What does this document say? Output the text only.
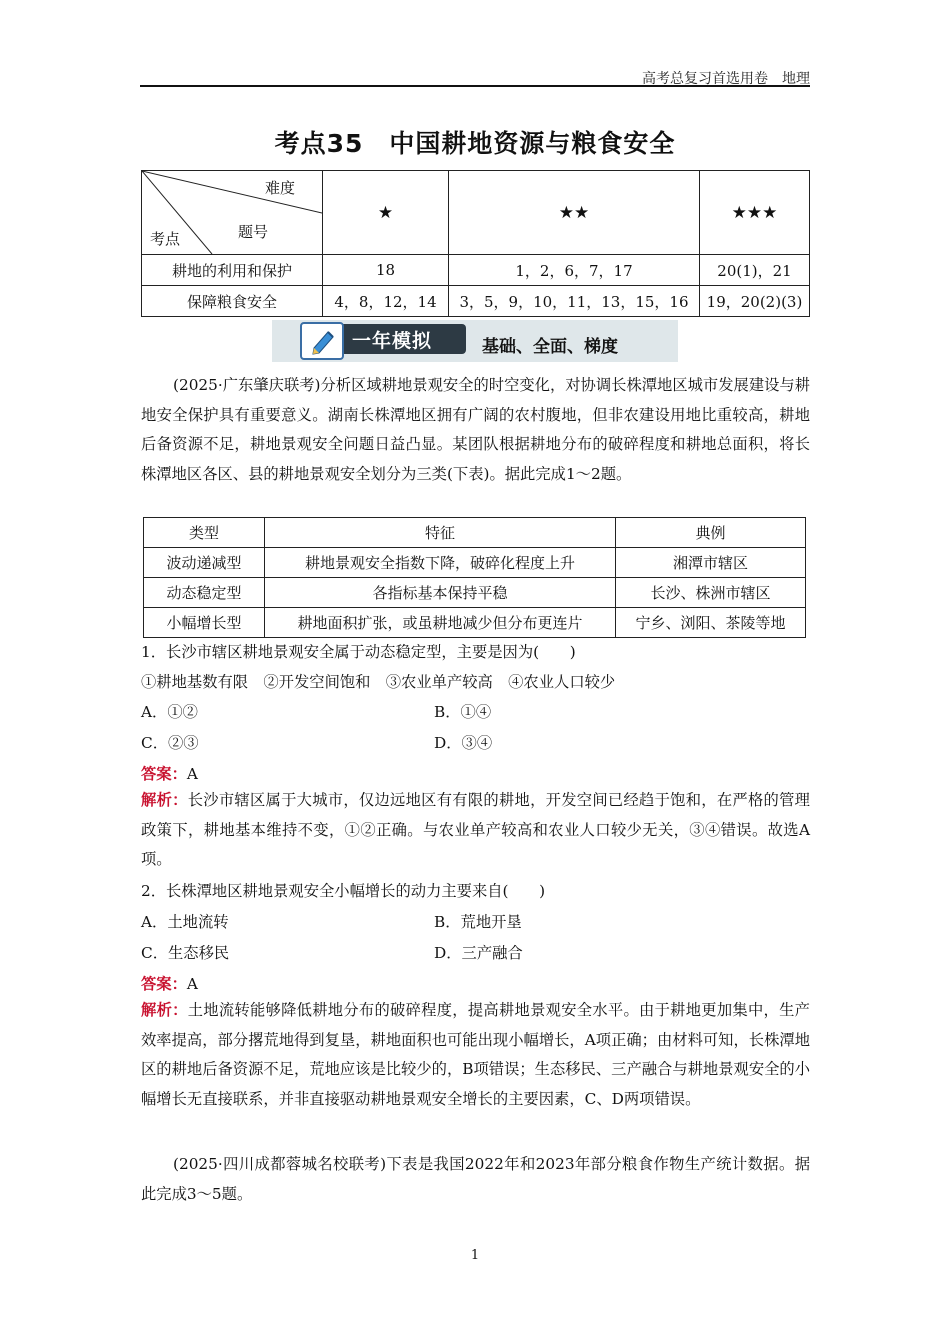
高考总复习首选用卷　地理
考点35　中国耕地资源与粮食安全
难度
题号
考点	★	★★	★★★
耕地的利用和保护	18	1，2，6，7，17	20(1)，21
保障粮食安全	4，8，12，14	3，5，9，10，11，13，15，16	19，20(2)(3)
一年模拟	基础、全面、梯度

(2025·广东肇庆联考)分析区域耕地景观安全的时空变化，对协调长株潭地区城市发展建设与耕地安全保护具有重要意义。湖南长株潭地区拥有广阔的农村腹地，但非农建设用地比重较高，耕地后备资源不足，耕地景观安全问题日益凸显。某团队根据耕地分布的破碎程度和耕地总面积，将长株潭地区各区、县的耕地景观安全划分为三类(下表)。据此完成1～2题。

类型	特征	典例
波动递减型	耕地景观安全指数下降，破碎化程度上升	湘潭市辖区
动态稳定型	各指标基本保持平稳	长沙、株洲市辖区
小幅增长型	耕地面积扩张，或虽耕地减少但分布更连片	宁乡、浏阳、茶陵等地
1．长沙市辖区耕地景观安全属于动态稳定型，主要是因为(　　)
①耕地基数有限　②开发空间饱和　③农业单产较高　④农业人口较少
A．①②	B．①④
C．②③	D．③④
答案：A

解析：长沙市辖区属于大城市，仅边远地区有有限的耕地，开发空间已经趋于饱和，在严格的管理政策下，耕地基本维持不变，①②正确。与农业单产较高和农业人口较少无关，③④错误。故选A项。

2．长株潭地区耕地景观安全小幅增长的动力主要来自(　　)
A．土地流转	B．荒地开垦
C．生态移民	D．三产融合
答案：A

解析：土地流转能够降低耕地分布的破碎程度，提高耕地景观安全水平。由于耕地更加集中，生产效率提高，部分撂荒地得到复垦，耕地面积也可能出现小幅增长，A项正确；由材料可知，长株潭地区的耕地后备资源不足，荒地应该是比较少的，B项错误；生态移民、三产融合与耕地景观安全的小幅增长无直接联系，并非直接驱动耕地景观安全增长的主要因素，C、D两项错误。

(2025·四川成都蓉城名校联考)下表是我国2022年和2023年部分粮食作物生产统计数据。据此完成3～5题。

1
